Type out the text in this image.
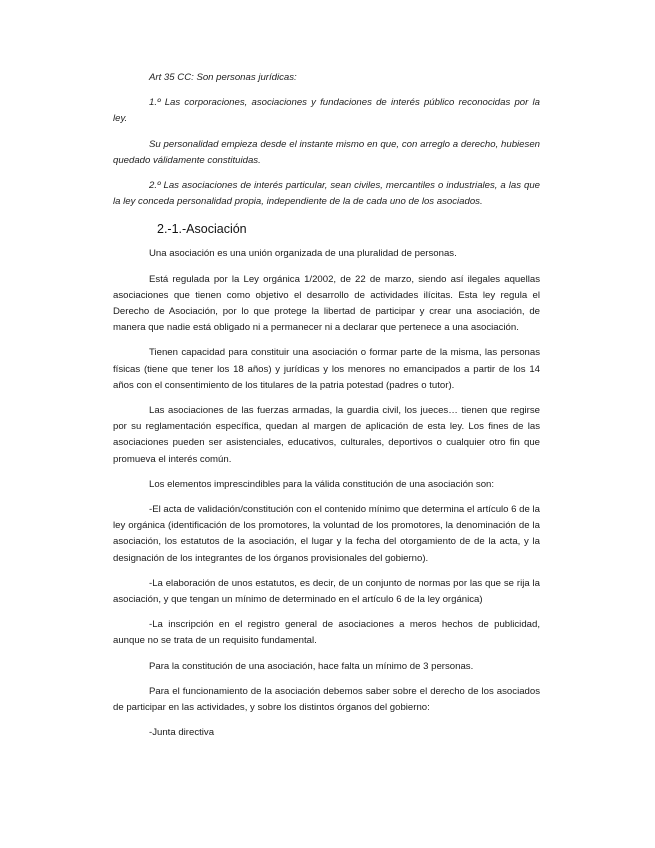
Art 35 CC: Son personas jurídicas:

1.º Las corporaciones, asociaciones y fundaciones de interés público reconocidas por la ley.

Su personalidad empieza desde el instante mismo en que, con arreglo a derecho, hubiesen quedado válidamente constituidas.

2.º Las asociaciones de interés particular, sean civiles, mercantiles o industriales, a las que la ley conceda personalidad propia, independiente de la de cada uno de los asociados.

2.-1.-Asociación

Una asociación es una unión organizada de una pluralidad de personas.

Está regulada por la Ley orgánica 1/2002, de 22 de marzo, siendo así ilegales aquellas asociaciones que tienen como objetivo el desarrollo de actividades ilícitas. Esta ley regula el Derecho de Asociación, por lo que protege la libertad de participar y crear una asociación, de manera que nadie está obligado ni a permanecer ni a declarar que pertenece a una asociación.

Tienen capacidad para constituir una asociación o formar parte de la misma, las personas físicas (tiene que tener los 18 años) y jurídicas y los menores no emancipados a partir de los 14 años con el consentimiento de los titulares de la patria potestad (padres o tutor).

Las asociaciones de las fuerzas armadas, la guardia civil, los jueces… tienen que regirse por su reglamentación específica, quedan al margen de aplicación de esta ley. Los fines de las asociaciones pueden ser asistenciales, educativos, culturales, deportivos o cualquier otro fin que promueva el interés común.

Los elementos imprescindibles para la válida constitución de una asociación son:

-El acta de validación/constitución con el contenido mínimo que determina el artículo 6 de la ley orgánica (identificación de los promotores, la voluntad de los promotores, la denominación de la asociación, los estatutos de la asociación, el lugar y la fecha del otorgamiento de de la acta, y la designación de los integrantes de los órganos provisionales del gobierno).

-La elaboración de unos estatutos, es decir, de un conjunto de normas por las que se rija la asociación, y que tengan un mínimo de determinado en el artículo 6 de la ley orgánica)

-La inscripción en el registro general de asociaciones a meros hechos de publicidad, aunque no se trata de un requisito fundamental.

Para la constitución de una asociación, hace falta un mínimo de 3 personas.

Para el funcionamiento de la asociación debemos saber sobre el derecho de los asociados de participar en las actividades, y sobre los distintos órganos del gobierno:

-Junta directiva
